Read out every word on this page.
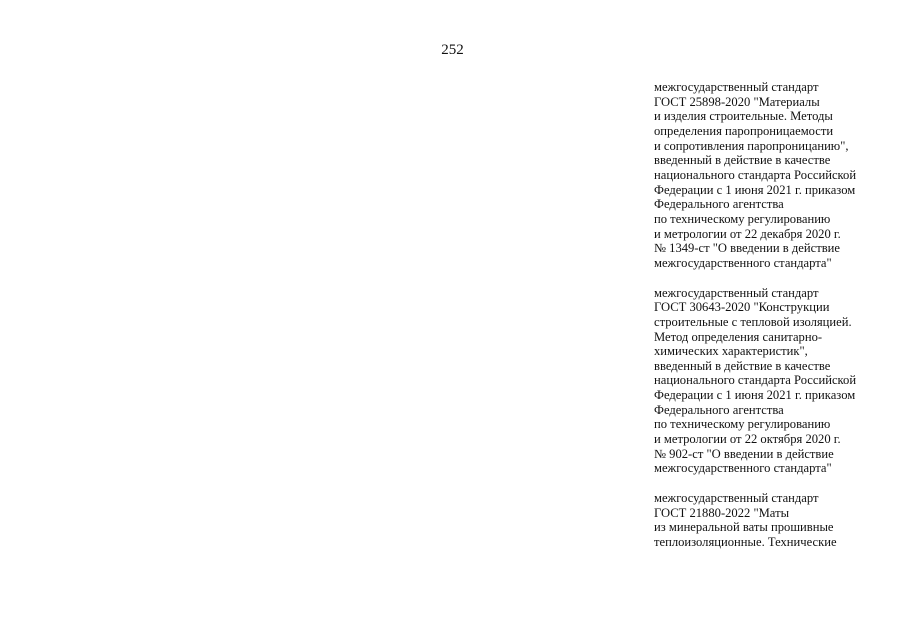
252
межгосударственный стандарт
ГОСТ 25898-2020 "Материалы
и изделия строительные. Методы
определения паропроницаемости
и сопротивления паропроницанию",
введенный в действие в качестве
национального стандарта Российской
Федерации с 1 июня 2021 г. приказом
Федерального агентства
по техническому регулированию
и метрологии от 22 декабря 2020 г.
№ 1349-ст "О введении в действие
межгосударственного стандарта"
межгосударственный стандарт
ГОСТ 30643-2020 "Конструкции
строительные с тепловой изоляцией.
Метод определения санитарно-
химических характеристик",
введенный в действие в качестве
национального стандарта Российской
Федерации с 1 июня 2021 г. приказом
Федерального агентства
по техническому регулированию
и метрологии от 22 октября 2020 г.
№ 902-ст "О введении в действие
межгосударственного стандарта"
межгосударственный стандарт
ГОСТ 21880-2022 "Маты
из минеральной ваты прошивные
теплоизоляционные. Технические
